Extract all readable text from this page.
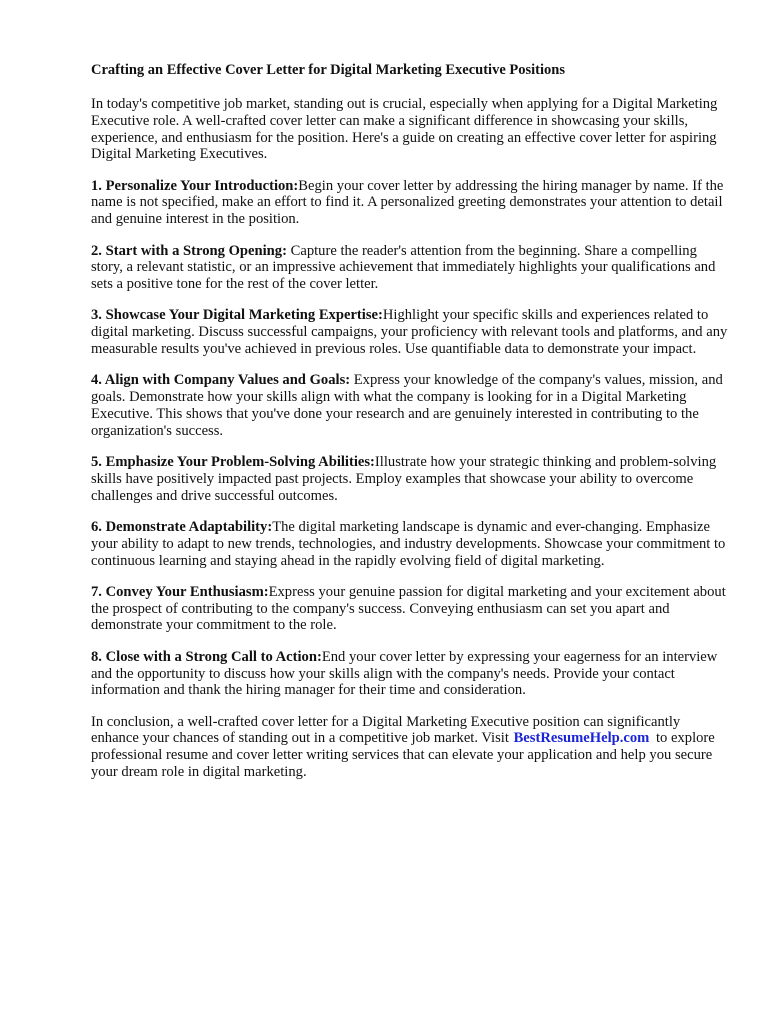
Crafting an Effective Cover Letter for Digital Marketing Executive Positions

In today's competitive job market, standing out is crucial, especially when applying for a Digital Marketing Executive role. A well-crafted cover letter can make a significant difference in showcasing your skills, experience, and enthusiasm for the position. Here's a guide on creating an effective cover letter for aspiring Digital Marketing Executives.

1. Personalize Your Introduction:Begin your cover letter by addressing the hiring manager by name. If the name is not specified, make an effort to find it. A personalized greeting demonstrates your attention to detail and genuine interest in the position.

2. Start with a Strong Opening: Capture the reader's attention from the beginning. Share a compelling story, a relevant statistic, or an impressive achievement that immediately highlights your qualifications and sets a positive tone for the rest of the cover letter.

3. Showcase Your Digital Marketing Expertise:Highlight your specific skills and experiences related to digital marketing. Discuss successful campaigns, your proficiency with relevant tools and platforms, and any measurable results you've achieved in previous roles. Use quantifiable data to demonstrate your impact.

4. Align with Company Values and Goals: Express your knowledge of the company's values, mission, and goals. Demonstrate how your skills align with what the company is looking for in a Digital Marketing Executive. This shows that you've done your research and are genuinely interested in contributing to the organization's success.

5. Emphasize Your Problem-Solving Abilities:Illustrate how your strategic thinking and problem-solving skills have positively impacted past projects. Employ examples that showcase your ability to overcome challenges and drive successful outcomes.

6. Demonstrate Adaptability:The digital marketing landscape is dynamic and ever-changing. Emphasize your ability to adapt to new trends, technologies, and industry developments. Showcase your commitment to continuous learning and staying ahead in the rapidly evolving field of digital marketing.

7. Convey Your Enthusiasm:Express your genuine passion for digital marketing and your excitement about the prospect of contributing to the company's success. Conveying enthusiasm can set you apart and demonstrate your commitment to the role.

8. Close with a Strong Call to Action:End your cover letter by expressing your eagerness for an interview and the opportunity to discuss how your skills align with the company's needs. Provide your contact information and thank the hiring manager for their time and consideration.

In conclusion, a well-crafted cover letter for a Digital Marketing Executive position can significantly enhance your chances of standing out in a competitive job market. Visit BestResumeHelp.com to explore professional resume and cover letter writing services that can elevate your application and help you secure your dream role in digital marketing.
